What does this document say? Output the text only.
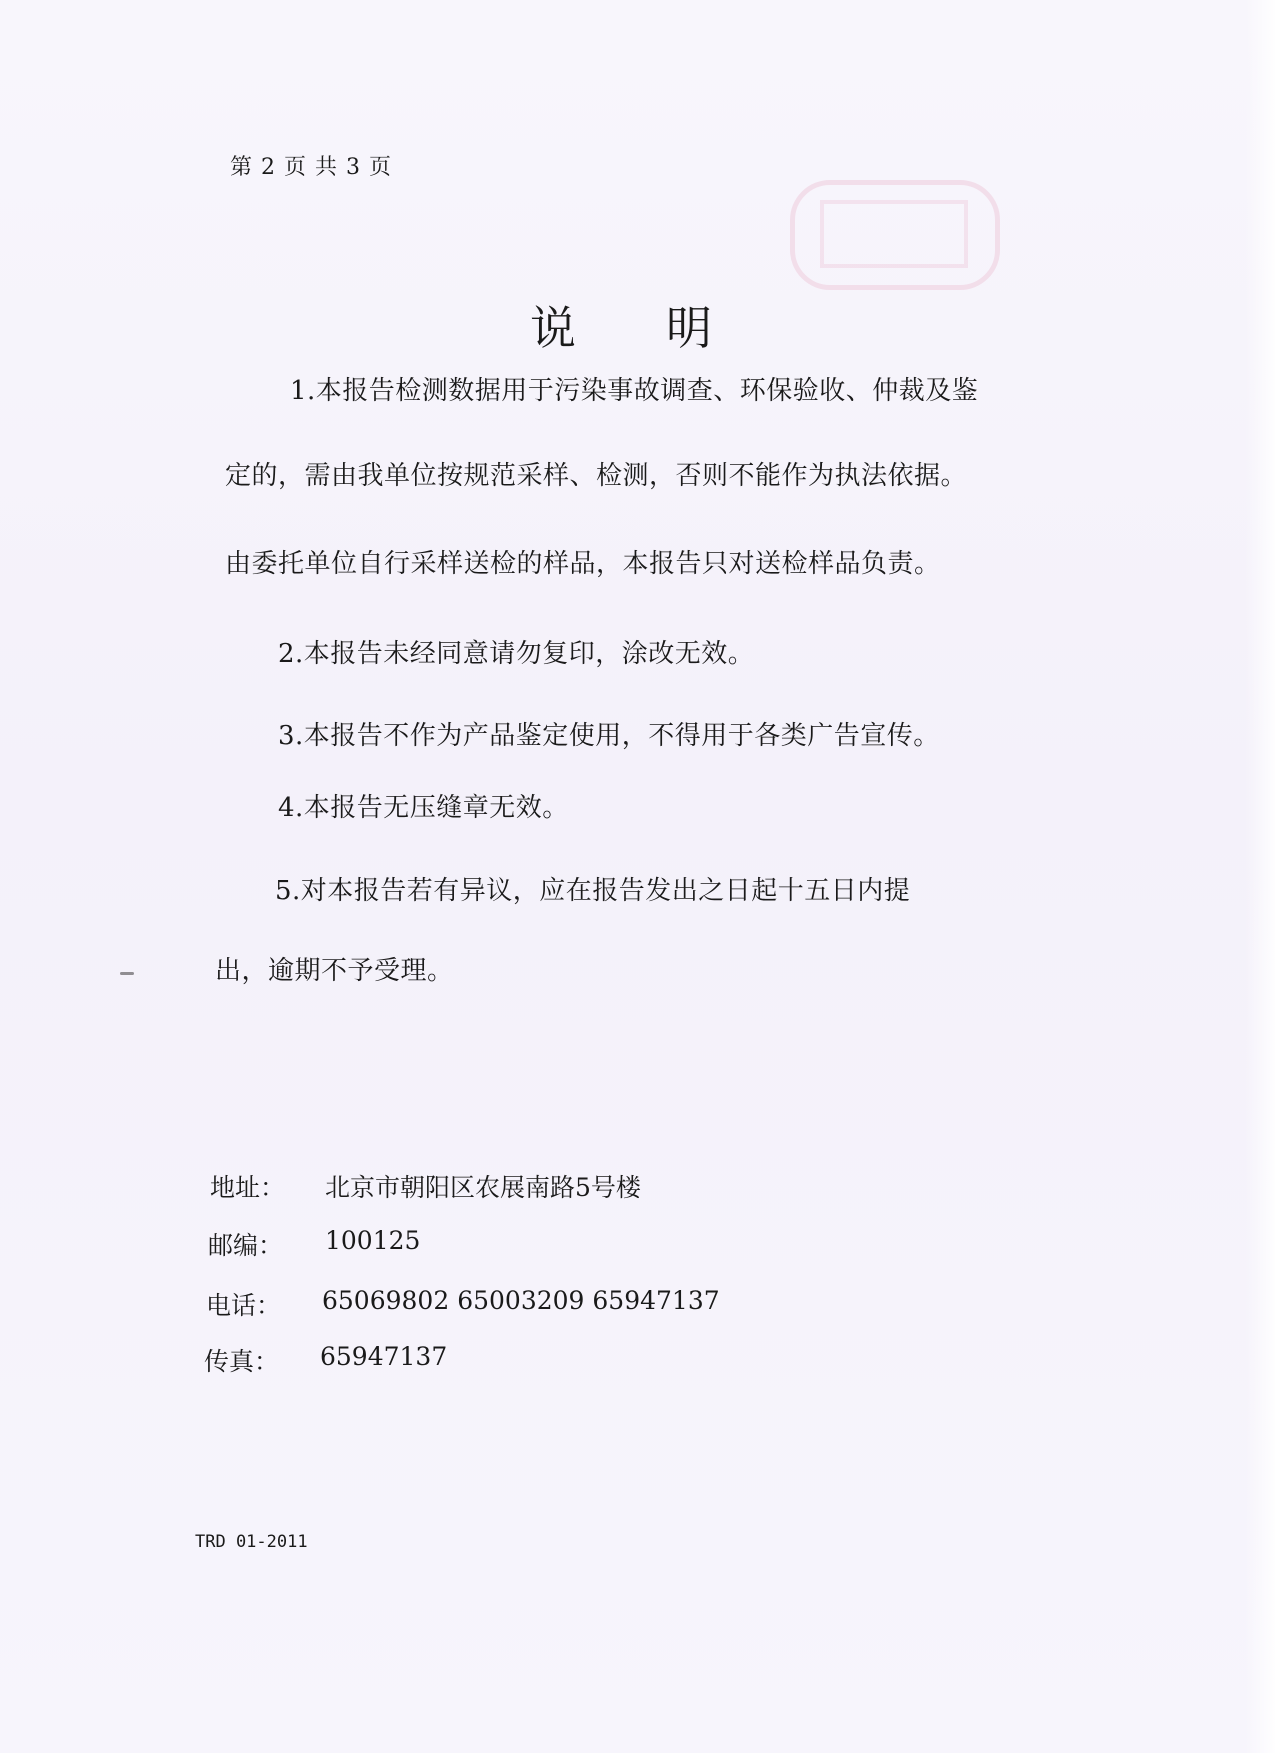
第 2 页 共 3 页
说明
1.本报告检测数据用于污染事故调查、环保验收、仲裁及鉴
定的，需由我单位按规范采样、检测，否则不能作为执法依据。
由委托单位自行采样送检的样品，本报告只对送检样品负责。
2.本报告未经同意请勿复印，涂改无效。
3.本报告不作为产品鉴定使用，不得用于各类广告宣传。
4.本报告无压缝章无效。
5.对本报告若有异议，应在报告发出之日起十五日内提
出，逾期不予受理。
地址： 北京市朝阳区农展南路5号楼
邮编： 100125
电话： 65069802 65003209 65947137
传真： 65947137
TRD 01-2011
